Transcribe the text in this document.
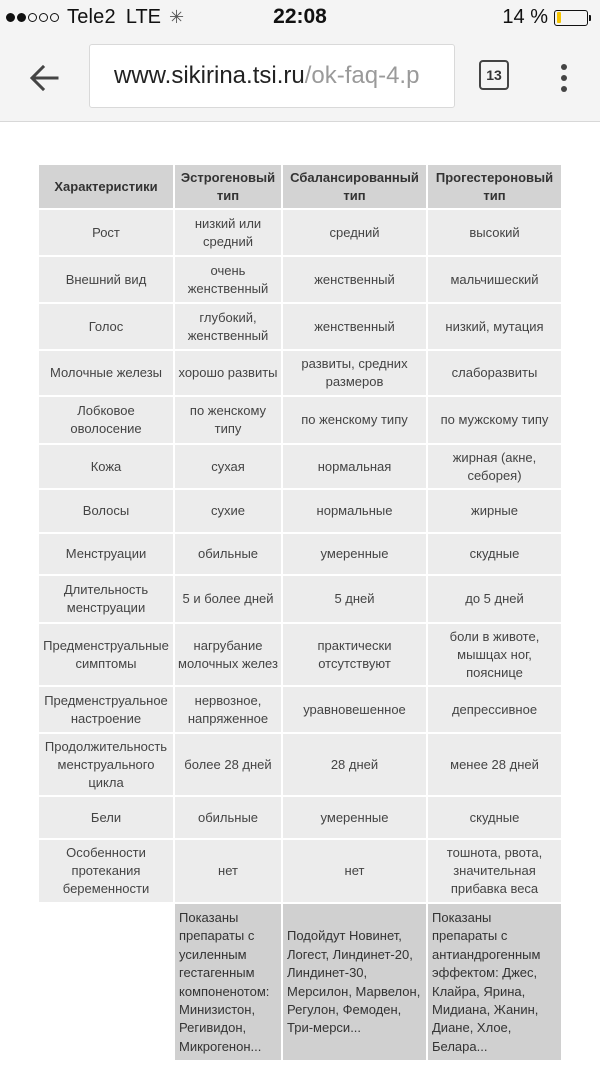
Tele2 LTE ✳	22:08	14 %
www.sikirina.tsi.ru/ok-faq-4.p	13
Характеристики	Эстрогеновый тип	Сбалансированный тип	Прогестероновый тип
Рост	низкий или средний	средний	высокий
Внешний вид	очень женственный	женственный	мальчишеский
Голос	глубокий, женственный	женственный	низкий, мутация
Молочные железы	хорошо развиты	развиты, средних размеров	слаборазвиты
Лобковое оволосение	по женскому типу	по женскому типу	по мужскому типу
Кожа	сухая	нормальная	жирная (акне, себорея)
Волосы	сухие	нормальные	жирные
Менструации	обильные	умеренные	скудные
Длительность менструации	5 и более дней	5 дней	до 5 дней
Предменструальные симптомы	нагрубание молочных желез	практически отсутствуют	боли в животе, мышцах ног, пояснице
Предменструальное настроение	нервозное, напряженное	уравновешенное	депрессивное
Продолжительность менструального цикла	более 28 дней	28 дней	менее 28 дней
Бели	обильные	умеренные	скудные
Особенности протекания беременности	нет	нет	тошнота, рвота, значительная прибавка веса
	Показаны препараты с усиленным гестагенным компоненотом: Минизистон, Регивидон, Микрогенон...	Подойдут Новинет, Логест, Линдинет-20, Линдинет-30, Мерсилон, Марвелон, Регулон, Фемоден, Три-мерси...	Показаны препараты с антиандрогенным эффектом: Джес, Клайра, Ярина, Мидиана, Жанин, Диане, Хлое, Белара...
